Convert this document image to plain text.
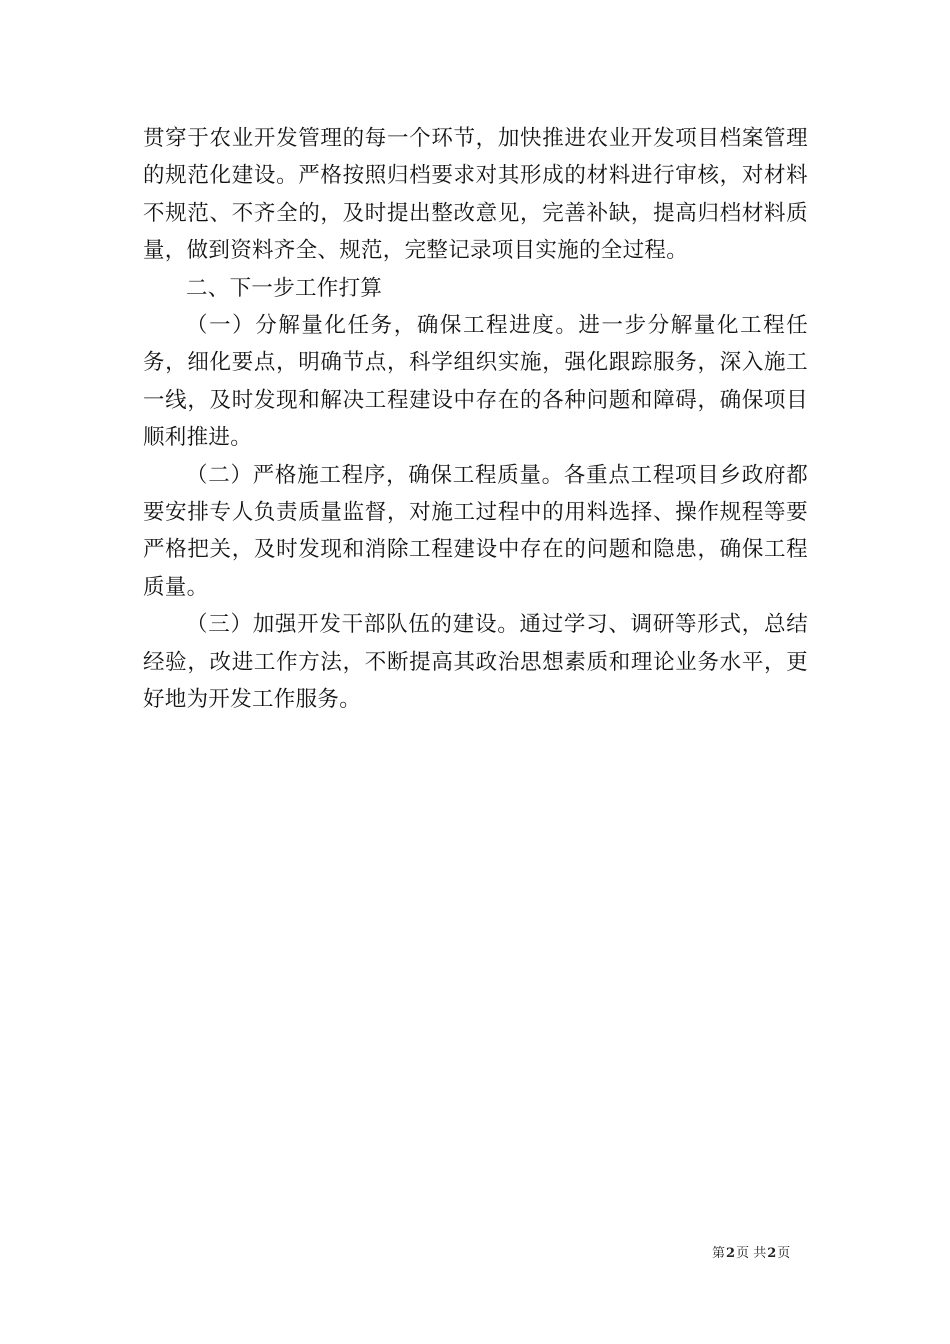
贯穿于农业开发管理的每一个环节，加快推进农业开发项目档案管理的规范化建设。严格按照归档要求对其形成的材料进行审核，对材料不规范、不齐全的，及时提出整改意见，完善补缺，提高归档材料质量，做到资料齐全、规范，完整记录项目实施的全过程。

二、下一步工作打算

（一）分解量化任务，确保工程进度。进一步分解量化工程任务，细化要点，明确节点，科学组织实施，强化跟踪服务，深入施工一线，及时发现和解决工程建设中存在的各种问题和障碍，确保项目顺利推进。

（二）严格施工程序，确保工程质量。各重点工程项目乡政府都要安排专人负责质量监督，对施工过程中的用料选择、操作规程等要严格把关，及时发现和消除工程建设中存在的问题和隐患，确保工程质量。

（三）加强开发干部队伍的建设。通过学习、调研等形式，总结经验，改进工作方法，不断提高其政治思想素质和理论业务水平，更好地为开发工作服务。

第2页 共2页
